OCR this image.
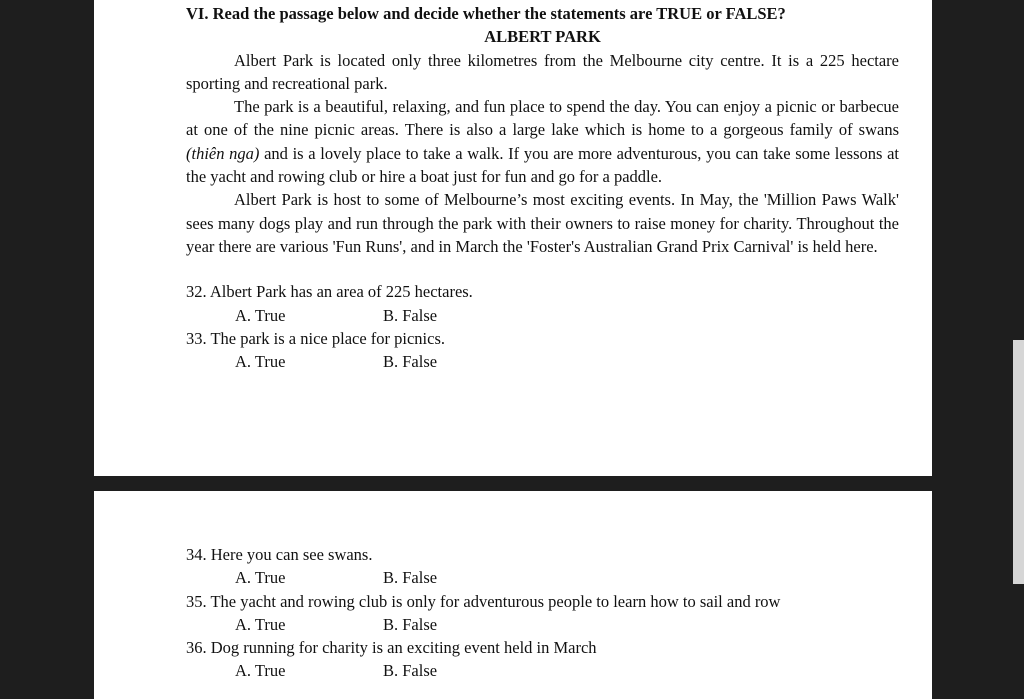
VI. Read the passage below and decide whether the statements are TRUE or FALSE?

ALBERT PARK

Albert Park is located only three kilometres from the Melbourne city centre. It is a 225 hectare sporting and recreational park.

The park is a beautiful, relaxing, and fun place to spend the day. You can enjoy a picnic or barbecue at one of the nine picnic areas. There is also a large lake which is home to a gorgeous family of swans (thiên nga) and is a lovely place to take a walk. If you are more adventurous, you can take some lessons at the yacht and rowing club or hire a boat just for fun and go for a paddle.

Albert Park is host to some of Melbourne’s most exciting events. In May, the 'Million Paws Walk' sees many dogs play and run through the park with their owners to raise money for charity. Throughout the year there are various 'Fun Runs', and in March the 'Foster's Australian Grand Prix Carnival' is held here.

32. Albert Park has an area of 225 hectares.

A. True	B. False

33. The park is a nice place for picnics.

A. True	B. False

34. Here you can see swans.

A. True	B. False

35. The yacht and rowing club is only for adventurous people to learn how to sail and row

A. True	B. False

36. Dog running for charity is an exciting event held in March

A. True	B. False
